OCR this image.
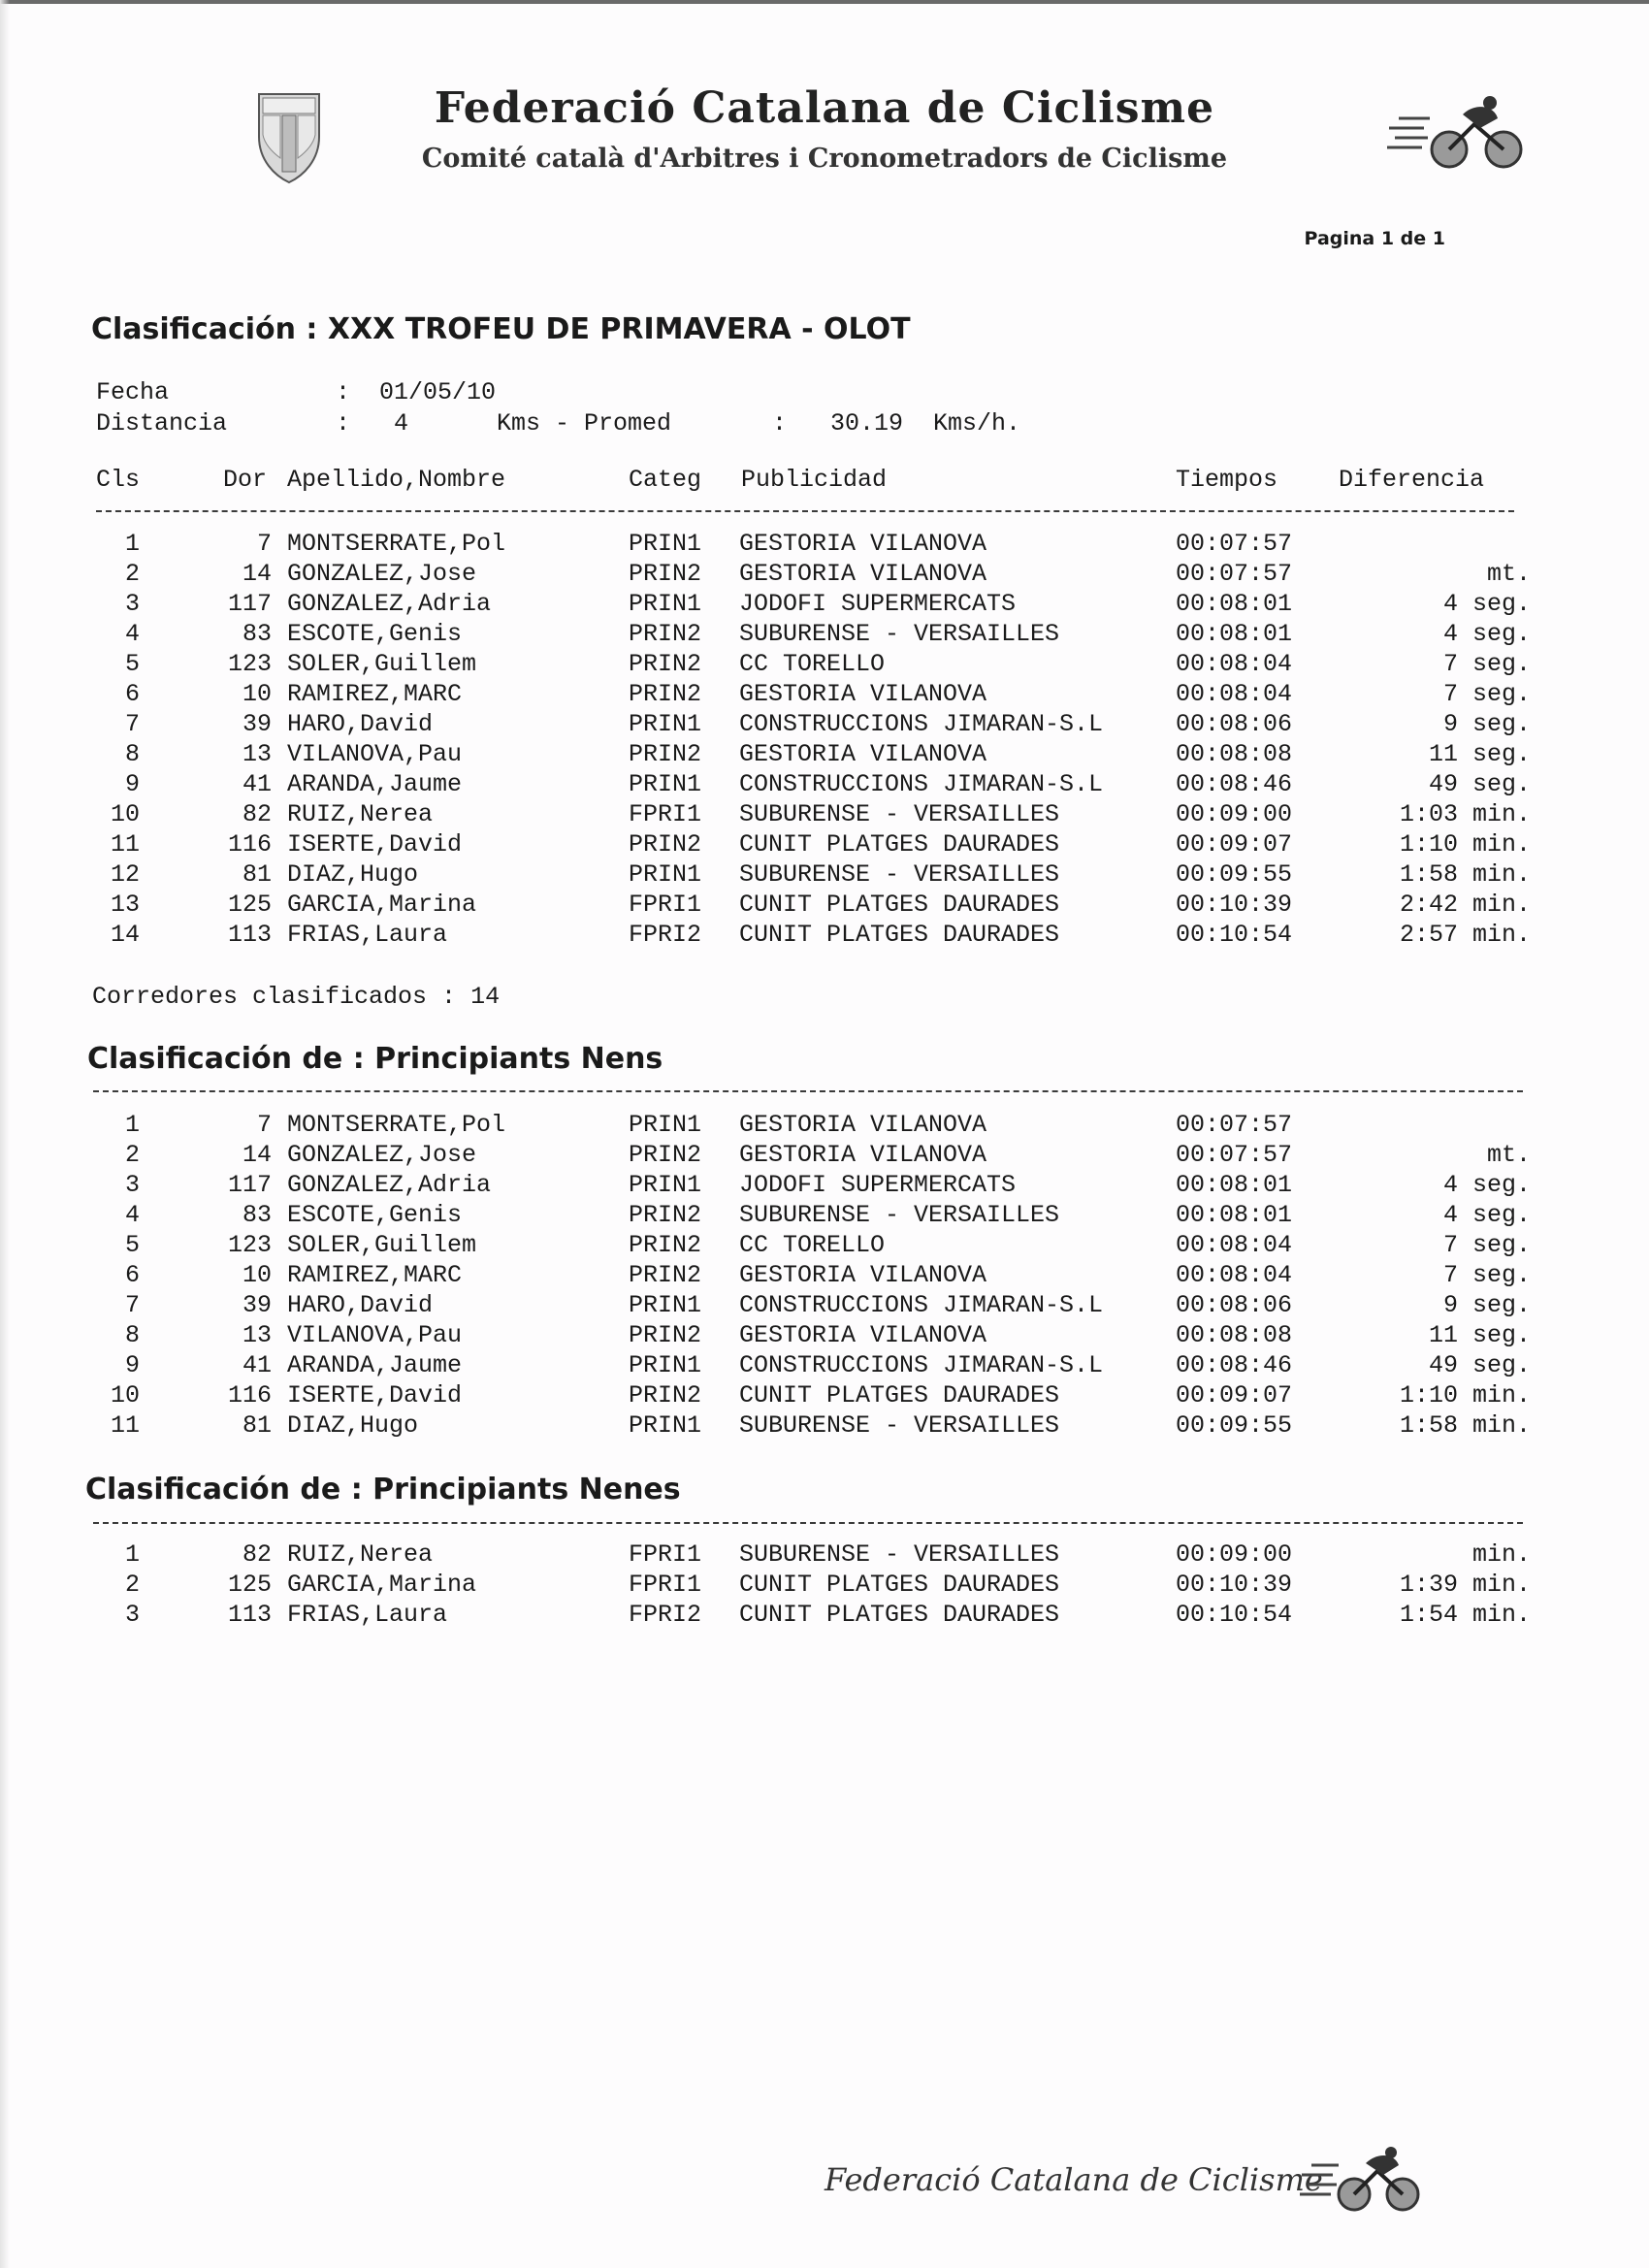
Federació Catalana de Ciclisme
Comité català d'Arbitres i Cronometradors de Ciclisme
Pagina 1 de 1
Clasificación : XXX TROFEU DE PRIMAVERA - OLOT
Fecha	:  01/05/10
Distancia	:   4	Kms - Promed	:   30.19 Kms/h.
Cls	Dor Apellido,Nombre	Categ Publicidad	Tiempos	Diferencia
1	7 MONTSERRATE,Pol	PRIN1 GESTORIA VILANOVA	00:07:57
2	14 GONZALEZ,Jose	PRIN2 GESTORIA VILANOVA	00:07:57	mt.
3	117 GONZALEZ,Adria	PRIN1 JODOFI SUPERMERCATS	00:08:01	4 seg.
4	83 ESCOTE,Genis	PRIN2 SUBURENSE - VERSAILLES	00:08:01	4 seg.
5	123 SOLER,Guillem	PRIN2 CC TORELLO	00:08:04	7 seg.
6	10 RAMIREZ,MARC	PRIN2 GESTORIA VILANOVA	00:08:04	7 seg.
7	39 HARO,David	PRIN1 CONSTRUCCIONS JIMARAN-S.L	00:08:06	9 seg.
8	13 VILANOVA,Pau	PRIN2 GESTORIA VILANOVA	00:08:08	11 seg.
9	41 ARANDA,Jaume	PRIN1 CONSTRUCCIONS JIMARAN-S.L	00:08:46	49 seg.
10	82 RUIZ,Nerea	FPRI1 SUBURENSE - VERSAILLES	00:09:00	1:03 min.
11	116 ISERTE,David	PRIN2 CUNIT PLATGES DAURADES	00:09:07	1:10 min.
12	81 DIAZ,Hugo	PRIN1 SUBURENSE - VERSAILLES	00:09:55	1:58 min.
13	125 GARCIA,Marina	FPRI1 CUNIT PLATGES DAURADES	00:10:39	2:42 min.
14	113 FRIAS,Laura	FPRI2 CUNIT PLATGES DAURADES	00:10:54	2:57 min.
Corredores clasificados : 14
Clasificación de : Principiants Nens
1	7 MONTSERRATE,Pol	PRIN1 GESTORIA VILANOVA	00:07:57
2	14 GONZALEZ,Jose	PRIN2 GESTORIA VILANOVA	00:07:57	mt.
3	117 GONZALEZ,Adria	PRIN1 JODOFI SUPERMERCATS	00:08:01	4 seg.
4	83 ESCOTE,Genis	PRIN2 SUBURENSE - VERSAILLES	00:08:01	4 seg.
5	123 SOLER,Guillem	PRIN2 CC TORELLO	00:08:04	7 seg.
6	10 RAMIREZ,MARC	PRIN2 GESTORIA VILANOVA	00:08:04	7 seg.
7	39 HARO,David	PRIN1 CONSTRUCCIONS JIMARAN-S.L	00:08:06	9 seg.
8	13 VILANOVA,Pau	PRIN2 GESTORIA VILANOVA	00:08:08	11 seg.
9	41 ARANDA,Jaume	PRIN1 CONSTRUCCIONS JIMARAN-S.L	00:08:46	49 seg.
10	116 ISERTE,David	PRIN2 CUNIT PLATGES DAURADES	00:09:07	1:10 min.
11	81 DIAZ,Hugo	PRIN1 SUBURENSE - VERSAILLES	00:09:55	1:58 min.
Clasificación de : Principiants Nenes
1	82 RUIZ,Nerea	FPRI1 SUBURENSE - VERSAILLES	00:09:00	min.
2	125 GARCIA,Marina	FPRI1 CUNIT PLATGES DAURADES	00:10:39	1:39 min.
3	113 FRIAS,Laura	FPRI2 CUNIT PLATGES DAURADES	00:10:54	1:54 min.
Federació Catalana de Ciclisme
